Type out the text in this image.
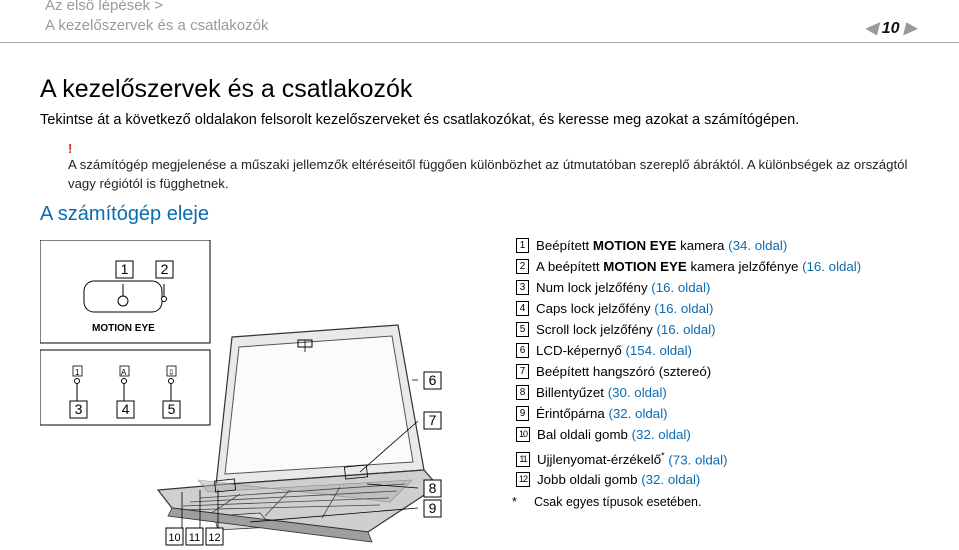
Az első lépések >
A kezelőszervek és a csatlakozók	◀ 10 ▶
A kezelőszervek és a csatlakozók
Tekintse át a következő oldalakon felsorolt kezelőszerveket és csatlakozókat, és keresse meg azokat a számítógépen.
!
A számítógép megjelenése a műszaki jellemzők eltéréseitől függően különbözhet az útmutatóban szereplő ábráktól. A különbségek az országtól vagy régiótól is függhetnek.
A számítógép eleje
MOTION EYE
1	A	⇩
1 2
3	4	5
6
7
8
9
10 11 12
1 Beépített MOTION EYE kamera (34. oldal)
2 A beépített MOTION EYE kamera jelzőfénye (16. oldal)
3 Num lock jelzőfény (16. oldal)
4 Caps lock jelzőfény (16. oldal)
5 Scroll lock jelzőfény (16. oldal)
6 LCD-képernyő (154. oldal)
7 Beépített hangszóró (sztereó)
8 Billentyűzet (30. oldal)
9 Érintőpárna (32. oldal)
10 Bal oldali gomb (32. oldal)
11 Ujjlenyomat-érzékelő* (73. oldal)
12 Jobb oldali gomb (32. oldal)
* Csak egyes típusok esetében.
